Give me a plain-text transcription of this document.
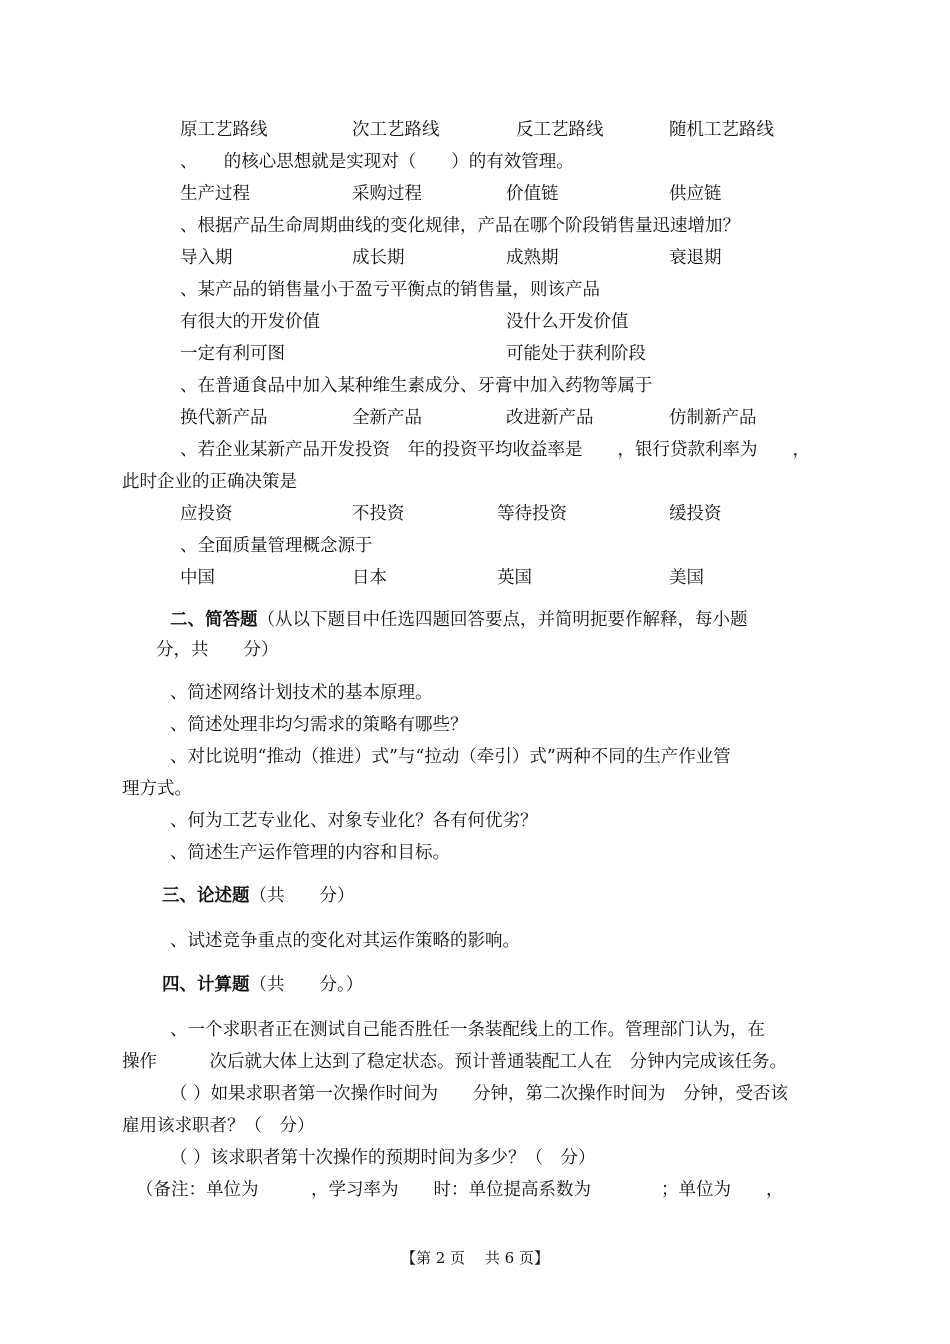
原工艺路线	次工艺路线	反工艺路线	随机工艺路线
、　　的核心思想就是实现对（　　）的有效管理。
生产过程	采购过程	价值链	供应链
、根据产品生命周期曲线的变化规律，产品在哪个阶段销售量迅速增加？
导入期	成长期	成熟期	衰退期
、某产品的销售量小于盈亏平衡点的销售量，则该产品
有很大的开发价值	没什么开发价值
一定有利可图	可能处于获利阶段
、在普通食品中加入某种维生素成分、牙膏中加入药物等属于
换代新产品	全新产品	改进新产品	仿制新产品
、若企业某新产品开发投资　年的投资平均收益率是　　，银行贷款利率为　　，
此时企业的正确决策是
应投资	不投资	等待投资	缓投资
、全面质量管理概念源于
中国	日本	英国	美国
二、简答题（从以下题目中任选四题回答要点，并简明扼要作解释，每小题
分，共　　分）
、简述网络计划技术的基本原理。
、简述处理非均匀需求的策略有哪些？
、对比说明“推动（推进）式”与“拉动（牵引）式”两种不同的生产作业管
理方式。
、何为工艺专业化、对象专业化？各有何优劣？
、简述生产运作管理的内容和目标。
三、论述题（共　　分）
、试述竞争重点的变化对其运作策略的影响。
四、计算题（共　　分。）
、一个求职者正在测试自己能否胜任一条装配线上的工作。管理部门认为，在
操作　　　次后就大体上达到了稳定状态。预计普通装配工人在　分钟内完成该任务。
（ ）如果求职者第一次操作时间为　　分钟，第二次操作时间为　分钟，受否该
雇用该求职者？（　分）
（ ）该求职者第十次操作的预期时间为多少？（　分）
（备注：单位为　　　，学习率为　　时：单位提高系数为　　　　；单位为　　，
【第 2 页　 共 6 页】
